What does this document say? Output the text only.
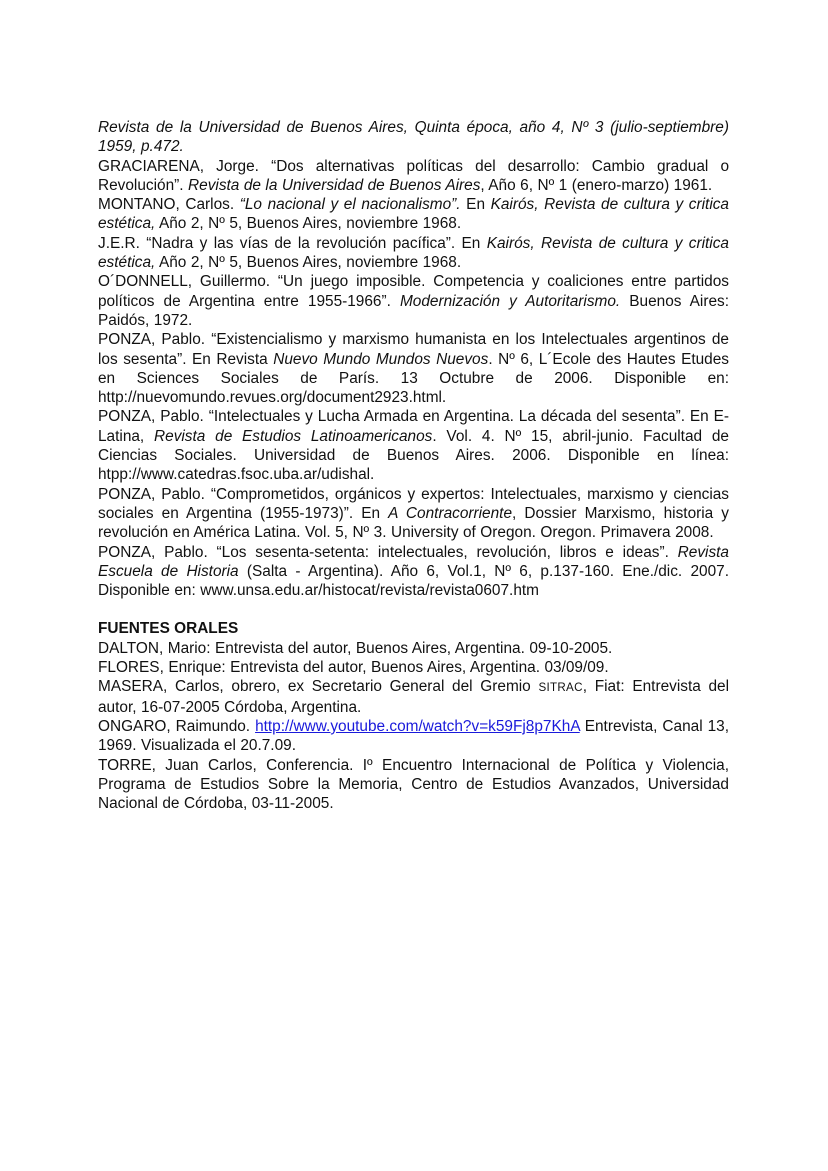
Revista de la Universidad de Buenos Aires, Quinta época, año 4, Nº 3 (julio-septiembre) 1959, p.472.

GRACIARENA, Jorge. “Dos alternativas políticas del desarrollo: Cambio gradual o Revolución”. Revista de la Universidad de Buenos Aires, Año 6, Nº 1 (enero-marzo) 1961.

MONTANO, Carlos. “Lo nacional y el nacionalismo”. En Kairós, Revista de cultura y critica estética, Año 2, Nº 5, Buenos Aires, noviembre 1968.

J.E.R. “Nadra y las vías de la revolución pacífica”. En Kairós, Revista de cultura y critica estética, Año 2, Nº 5, Buenos Aires, noviembre 1968.

O´DONNELL, Guillermo. “Un juego imposible. Competencia y coaliciones entre partidos políticos de Argentina entre 1955-1966”. Modernización y Autoritarismo. Buenos Aires: Paidós, 1972.

PONZA, Pablo. “Existencialismo y marxismo humanista en los Intelectuales argentinos de los sesenta”. En Revista Nuevo Mundo Mundos Nuevos. Nº 6, L´Ecole des Hautes Etudes en Sciences Sociales de París. 13 Octubre de 2006. Disponible en: http://nuevomundo.revues.org/document2923.html.

PONZA, Pablo. “Intelectuales y Lucha Armada en Argentina. La década del sesenta”. En E-Latina, Revista de Estudios Latinoamericanos. Vol. 4. Nº 15, abril-junio. Facultad de Ciencias Sociales. Universidad de Buenos Aires. 2006. Disponible en línea: htpp://www.catedras.fsoc.uba.ar/udishal.

PONZA, Pablo. “Comprometidos, orgánicos y expertos: Intelectuales, marxismo y ciencias sociales en Argentina (1955-1973)”. En A Contracorriente, Dossier Marxismo, historia y revolución en América Latina. Vol. 5, Nº 3. University of Oregon. Oregon. Primavera 2008.

PONZA, Pablo. “Los sesenta-setenta: intelectuales, revolución, libros e ideas”. Revista Escuela de Historia (Salta - Argentina). Año 6, Vol.1, Nº 6, p.137-160. Ene./dic. 2007. Disponible en: www.unsa.edu.ar/histocat/revista/revista0607.htm

FUENTES ORALES

DALTON, Mario: Entrevista del autor, Buenos Aires, Argentina. 09-10-2005.

FLORES, Enrique: Entrevista del autor, Buenos Aires, Argentina. 03/09/09.

MASERA, Carlos, obrero, ex Secretario General del Gremio SITRAC, Fiat: Entrevista del autor, 16-07-2005 Córdoba, Argentina.

ONGARO, Raimundo. http://www.youtube.com/watch?v=k59Fj8p7KhA Entrevista, Canal 13, 1969. Visualizada el 20.7.09.

TORRE, Juan Carlos, Conferencia. Iº Encuentro Internacional de Política y Violencia, Programa de Estudios Sobre la Memoria, Centro de Estudios Avanzados, Universidad Nacional de Córdoba, 03-11-2005.
